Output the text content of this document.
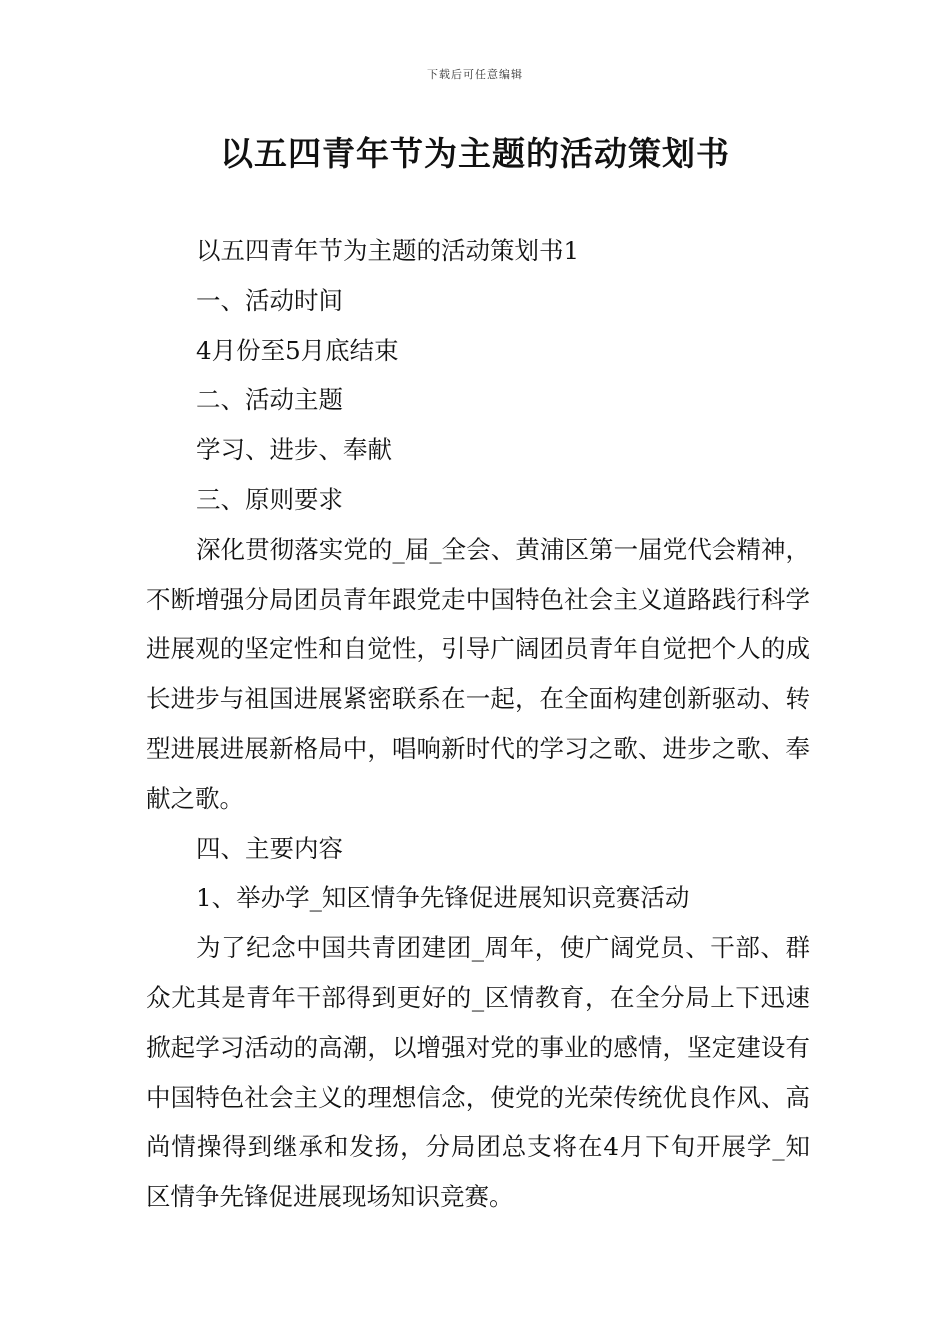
下载后可任意编辑
以五四青年节为主题的活动策划书

以五四青年节为主题的活动策划书1

一、活动时间

4月份至5月底结束

二、活动主题

学习、进步、奉献

三、原则要求

深化贯彻落实党的_届_全会、黄浦区第一届党代会精神，不断增强分局团员青年跟党走中国特色社会主义道路践行科学进展观的坚定性和自觉性，引导广阔团员青年自觉把个人的成长进步与祖国进展紧密联系在一起，在全面构建创新驱动、转型进展进展新格局中，唱响新时代的学习之歌、进步之歌、奉献之歌。

四、主要内容

1、举办学_知区情争先锋促进展知识竞赛活动

为了纪念中国共青团建团_周年，使广阔党员、干部、群众尤其是青年干部得到更好的_区情教育，在全分局上下迅速掀起学习活动的高潮，以增强对党的事业的感情，坚定建设有中国特色社会主义的理想信念，使党的光荣传统优良作风、高尚情操得到继承和发扬，分局团总支将在4月下旬开展学_知区情争先锋促进展现场知识竞赛。
